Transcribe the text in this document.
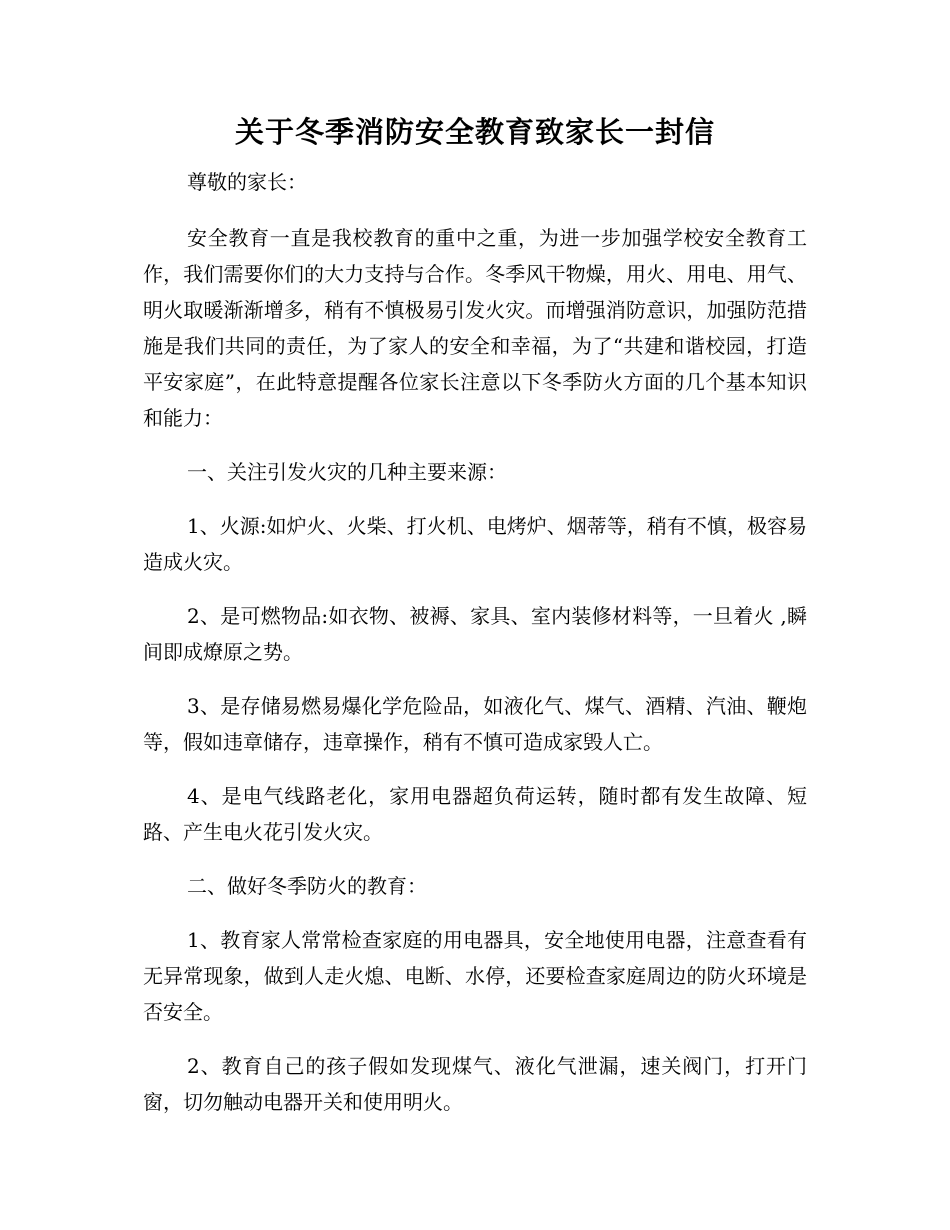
关于冬季消防安全教育致家长一封信

尊敬的家长：

安全教育一直是我校教育的重中之重，为进一步加强学校安全教育工作，我们需要你们的大力支持与合作。冬季风干物燥，用火、用电、用气、明火取暖渐渐增多，稍有不慎极易引发火灾。而增强消防意识，加强防范措施是我们共同的责任，为了家人的安全和幸福，为了“共建和谐校园，打造平安家庭”，在此特意提醒各位家长注意以下冬季防火方面的几个基本知识和能力：

一、关注引发火灾的几种主要来源：

1、火源:如炉火、火柴、打火机、电烤炉、烟蒂等，稍有不慎，极容易造成火灾。

2、是可燃物品:如衣物、被褥、家具、室内装修材料等，一旦着火 ,瞬间即成燎原之势。

3、是存储易燃易爆化学危险品，如液化气、煤气、酒精、汽油、鞭炮等，假如违章储存，违章操作，稍有不慎可造成家毁人亡。

4、是电气线路老化，家用电器超负荷运转，随时都有发生故障、短路、产生电火花引发火灾。

二、做好冬季防火的教育：

1、教育家人常常检查家庭的用电器具，安全地使用电器，注意查看有无异常现象，做到人走火熄、电断、水停，还要检查家庭周边的防火环境是否安全。

2、教育自己的孩子假如发现煤气、液化气泄漏，速关阀门，打开门窗，切勿触动电器开关和使用明火。
